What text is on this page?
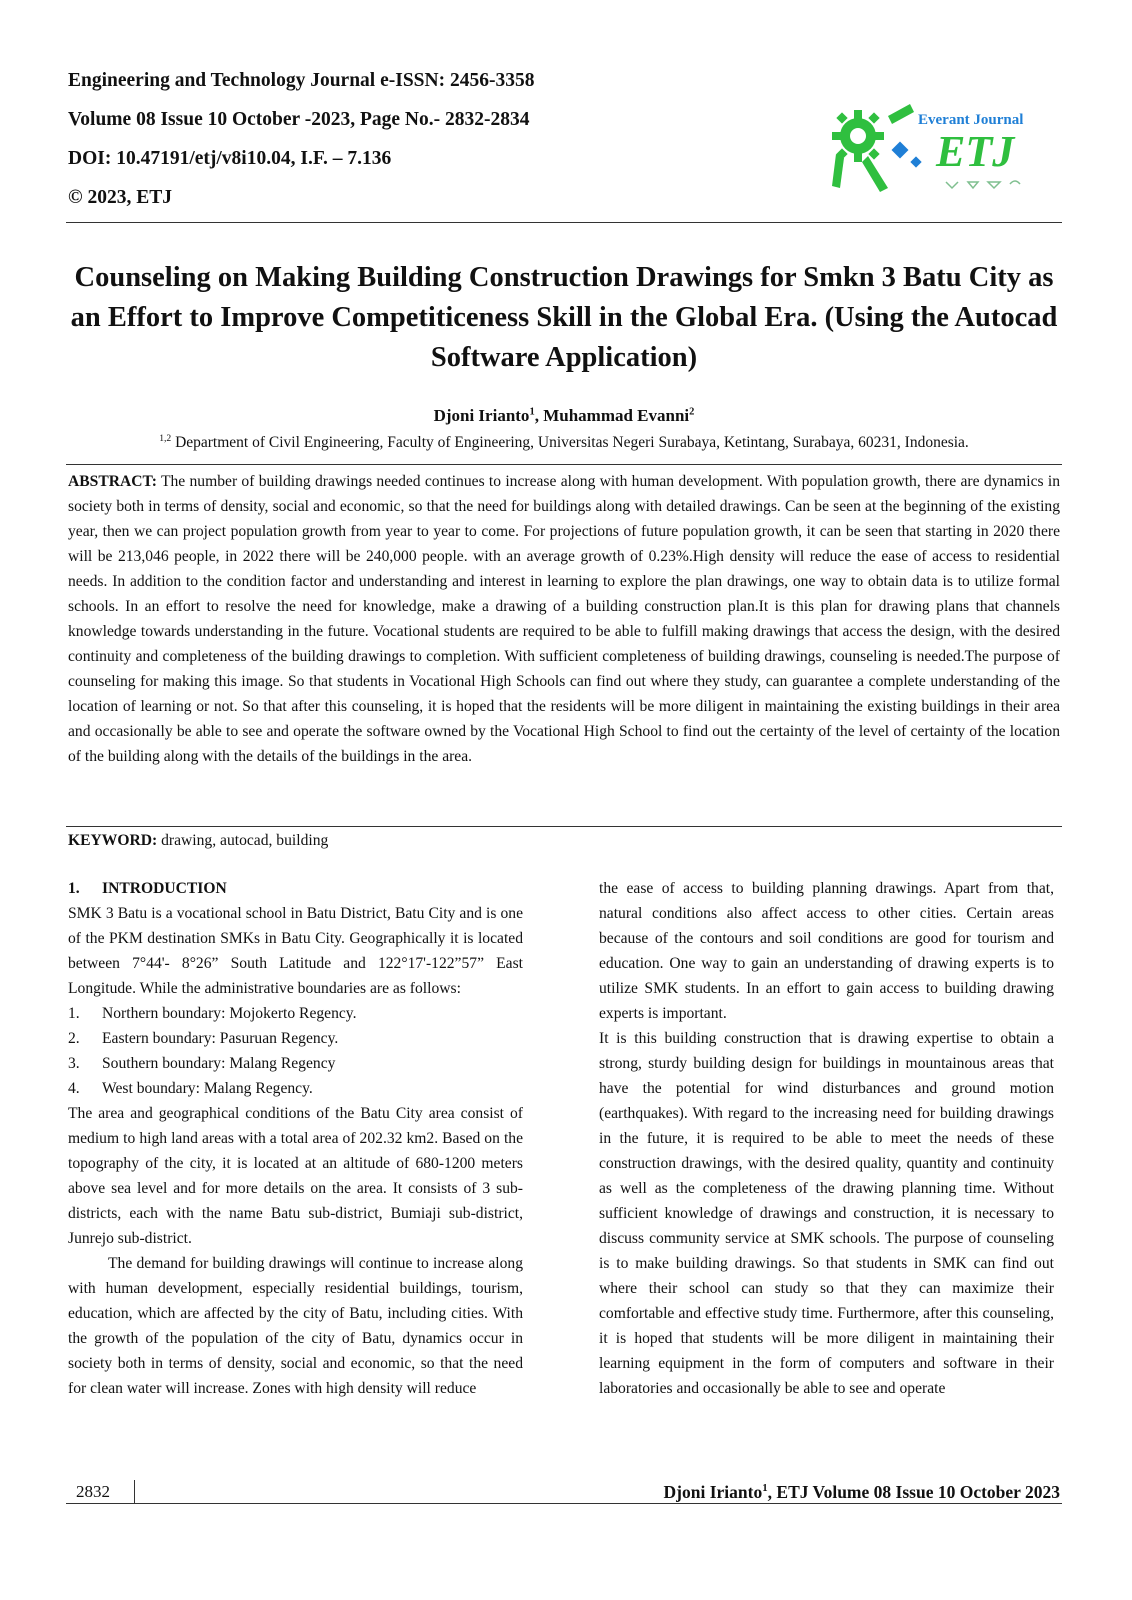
Engineering and Technology Journal e-ISSN: 2456-3358
Volume 08 Issue 10 October -2023, Page No.- 2832-2834
DOI: 10.47191/etj/v8i10.04, I.F. – 7.136
© 2023, ETJ
Everant Journal
ETJ
Counseling on Making Building Construction Drawings for Smkn 3 Batu City as an Effort to Improve Competiticeness Skill in the Global Era. (Using the Autocad Software Application)
Djoni Irianto$^1$, Muhammad Evanni$^2$
$^{1,2}$ Department of Civil Engineering, Faculty of Engineering, Universitas Negeri Surabaya, Ketintang, Surabaya, 60231, Indonesia.
ABSTRACT: The number of building drawings needed continues to increase along with human development. With population growth, there are dynamics in society both in terms of density, social and economic, so that the need for buildings along with detailed drawings. Can be seen at the beginning of the existing year, then we can project population growth from year to year to come. For projections of future population growth, it can be seen that starting in 2020 there will be 213,046 people, in 2022 there will be 240,000 people. with an average growth of 0.23%.High density will reduce the ease of access to residential needs. In addition to the condition factor and understanding and interest in learning to explore the plan drawings, one way to obtain data is to utilize formal schools. In an effort to resolve the need for knowledge, make a drawing of a building construction plan.It is this plan for drawing plans that channels knowledge towards understanding in the future. Vocational students are required to be able to fulfill making drawings that access the design, with the desired continuity and completeness of the building drawings to completion. With sufficient completeness of building drawings, counseling is needed.The purpose of counseling for making this image. So that students in Vocational High Schools can find out where they study, can guarantee a complete understanding of the location of learning or not. So that after this counseling, it is hoped that the residents will be more diligent in maintaining the existing buildings in their area and occasionally be able to see and operate the software owned by the Vocational High School to find out the certainty of the level of certainty of the location of the building along with the details of the buildings in the area.
KEYWORD: drawing, autocad, building

1. INTRODUCTION

SMK 3 Batu is a vocational school in Batu District, Batu City and is one of the PKM destination SMKs in Batu City. Geographically it is located between 7°44'- 8°26” South Latitude and 122°17'-122”57” East Longitude. While the administrative boundaries are as follows:

1. Northern boundary: Mojokerto Regency.

2. Eastern boundary: Pasuruan Regency.

3. Southern boundary: Malang Regency

4. West boundary: Malang Regency.

The area and geographical conditions of the Batu City area consist of medium to high land areas with a total area of 202.32 km2. Based on the topography of the city, it is located at an altitude of 680-1200 meters above sea level and for more details on the area. It consists of 3 sub-districts, each with the name Batu sub-district, Bumiaji sub-district, Junrejo sub-district.

The demand for building drawings will continue to increase along with human development, especially residential buildings, tourism, education, which are affected by the city of Batu, including cities. With the growth of the population of the city of Batu, dynamics occur in society both in terms of density, social and economic, so that the need for clean water will increase. Zones with high density will reduce

the ease of access to building planning drawings. Apart from that, natural conditions also affect access to other cities. Certain areas because of the contours and soil conditions are good for tourism and education. One way to gain an understanding of drawing experts is to utilize SMK students. In an effort to gain access to building drawing experts is important.

It is this building construction that is drawing expertise to obtain a strong, sturdy building design for buildings in mountainous areas that have the potential for wind disturbances and ground motion (earthquakes). With regard to the increasing need for building drawings in the future, it is required to be able to meet the needs of these construction drawings, with the desired quality, quantity and continuity as well as the completeness of the drawing planning time. Without sufficient knowledge of drawings and construction, it is necessary to discuss community service at SMK schools. The purpose of counseling is to make building drawings. So that students in SMK can find out where their school can study so that they can maximize their comfortable and effective study time. Furthermore, after this counseling, it is hoped that students will be more diligent in maintaining their learning equipment in the form of computers and software in their laboratories and occasionally be able to see and operate

2832	Djoni Irianto$^1$, ETJ Volume 08 Issue 10 October 2023
